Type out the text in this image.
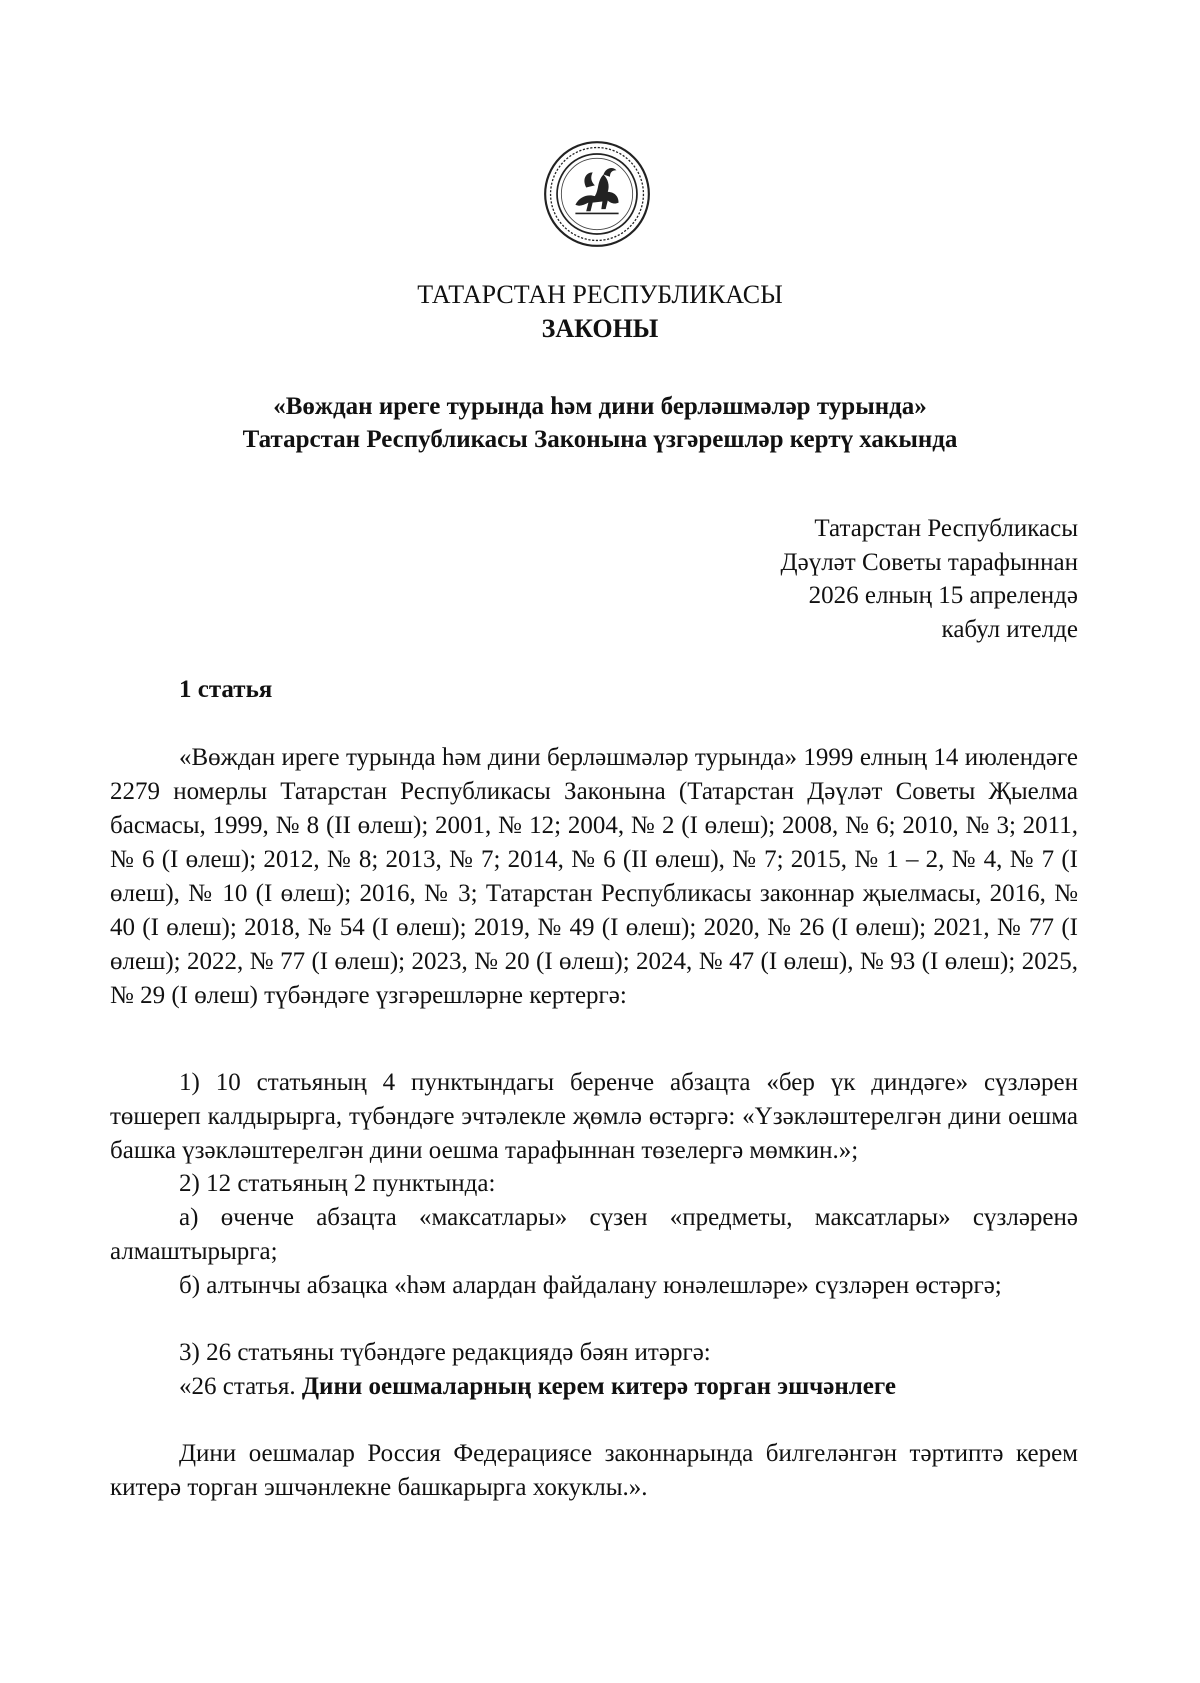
ТАТАРСТАН РЕСПУБЛИКАСЫ
ЗАКОНЫ
«Вөждан иреге турында һәм дини берләшмәләр турында»
Татарстан Республикасы Законына үзгәрешләр кертү хакында
Татарстан Республикасы
Дәүләт Советы тарафыннан
2026 елның 15 апрелендә
кабул ителде
1 статья

«Вөждан иреге турында һәм дини берләшмәләр турында» 1999 елның 14 июлендәге 2279 номерлы Татарстан Республикасы Законына (Татарстан Дәүләт Советы Җыелма басмасы, 1999, № 8 (II өлеш); 2001, № 12; 2004, № 2 (I өлеш); 2008, № 6; 2010, № 3; 2011, № 6 (I өлеш); 2012, № 8; 2013, № 7; 2014, № 6 (II өлеш), № 7; 2015, № 1 – 2, № 4, № 7 (I өлеш), № 10 (I өлеш); 2016, № 3; Татарстан Республикасы законнар җыелмасы, 2016, № 40 (I өлеш); 2018, № 54 (I өлеш); 2019, № 49 (I өлеш); 2020, № 26 (I өлеш); 2021, № 77 (I өлеш); 2022, № 77 (I өлеш); 2023, № 20 (I өлеш); 2024, № 47 (I өлеш), № 93 (I өлеш); 2025, № 29 (I өлеш) түбәндәге үзгәрешләрне кертергә:

1) 10 статьяның 4 пунктындагы беренче абзацта «бер үк диндәге» сүзләрен төшереп калдырырга, түбәндәге эчтәлекле җөмлә өстәргә: «Үзәкләштерелгән дини оешма башка үзәкләштерелгән дини оешма тарафыннан төзелергә мөмкин.»;

2) 12 статьяның 2 пунктында:

а) өченче абзацта «максатлары» сүзен «предметы, максатлары» сүзләренә алмаштырырга;

б) алтынчы абзацка «һәм алардан файдалану юнәлешләре» сүзләрен өстәргә;

3) 26 статьяны түбәндәге редакциядә бәян итәргә:

«26 статья. Дини оешмаларның керем китерә торган эшчәнлеге

Дини оешмалар Россия Федерациясе законнарында билгеләнгән тәртиптә керем китерә торган эшчәнлекне башкарырга хокуклы.».
